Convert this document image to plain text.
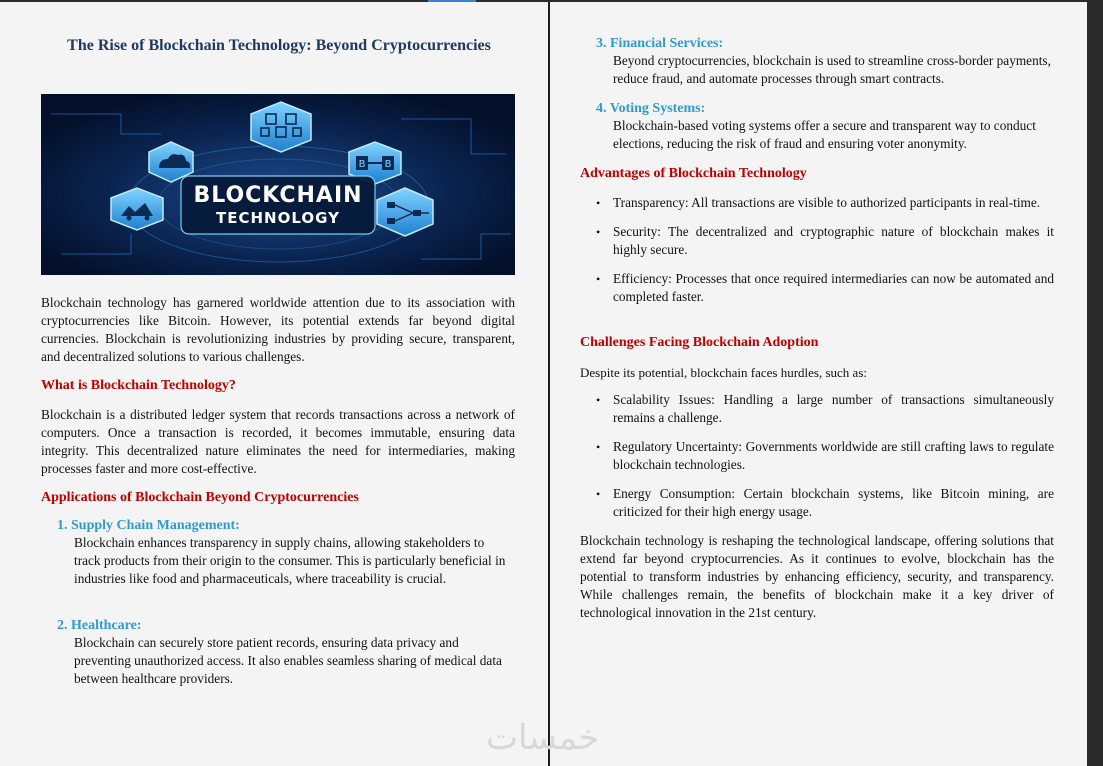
The Rise of Blockchain Technology: Beyond Cryptocurrencies
B B
BLOCKCHAIN
TECHNOLOGY

Blockchain technology has garnered worldwide attention due to its association with cryptocurrencies like Bitcoin. However, its potential extends far beyond digital currencies. Blockchain is revolutionizing industries by providing secure, transparent, and decentralized solutions to various challenges.

What is Blockchain Technology?

Blockchain is a distributed ledger system that records transactions across a network of computers. Once a transaction is recorded, it becomes immutable, ensuring data integrity. This decentralized nature eliminates the need for intermediaries, making processes faster and more cost-effective.

Applications of Blockchain Beyond Cryptocurrencies

1. Supply Chain Management:

Blockchain enhances transparency in supply chains, allowing stakeholders to track products from their origin to the consumer. This is particularly beneficial in industries like food and pharmaceuticals, where traceability is crucial.

2. Healthcare:

Blockchain can securely store patient records, ensuring data privacy and preventing unauthorized access. It also enables seamless sharing of medical data between healthcare providers.

3. Financial Services:

Beyond cryptocurrencies, blockchain is used to streamline cross-border payments, reduce fraud, and automate processes through smart contracts.

4. Voting Systems:

Blockchain-based voting systems offer a secure and transparent way to conduct elections, reducing the risk of fraud and ensuring voter anonymity.

Advantages of Blockchain Technology
• Transparency: All transactions are visible to authorized participants in real-time.
• Security: The decentralized and cryptographic nature of blockchain makes it highly secure.
• Efficiency: Processes that once required intermediaries can now be automated and completed faster.
Challenges Facing Blockchain Adoption

Despite its potential, blockchain faces hurdles, such as:

• Scalability Issues: Handling a large number of transactions simultaneously remains a challenge.
• Regulatory Uncertainty: Governments worldwide are still crafting laws to regulate blockchain technologies.
• Energy Consumption: Certain blockchain systems, like Bitcoin mining, are criticized for their high energy usage.

Blockchain technology is reshaping the technological landscape, offering solutions that extend far beyond cryptocurrencies. As it continues to evolve, blockchain has the potential to transform industries by enhancing efficiency, security, and transparency. While challenges remain, the benefits of blockchain make it a key driver of technological innovation in the 21st century.

خمسات
